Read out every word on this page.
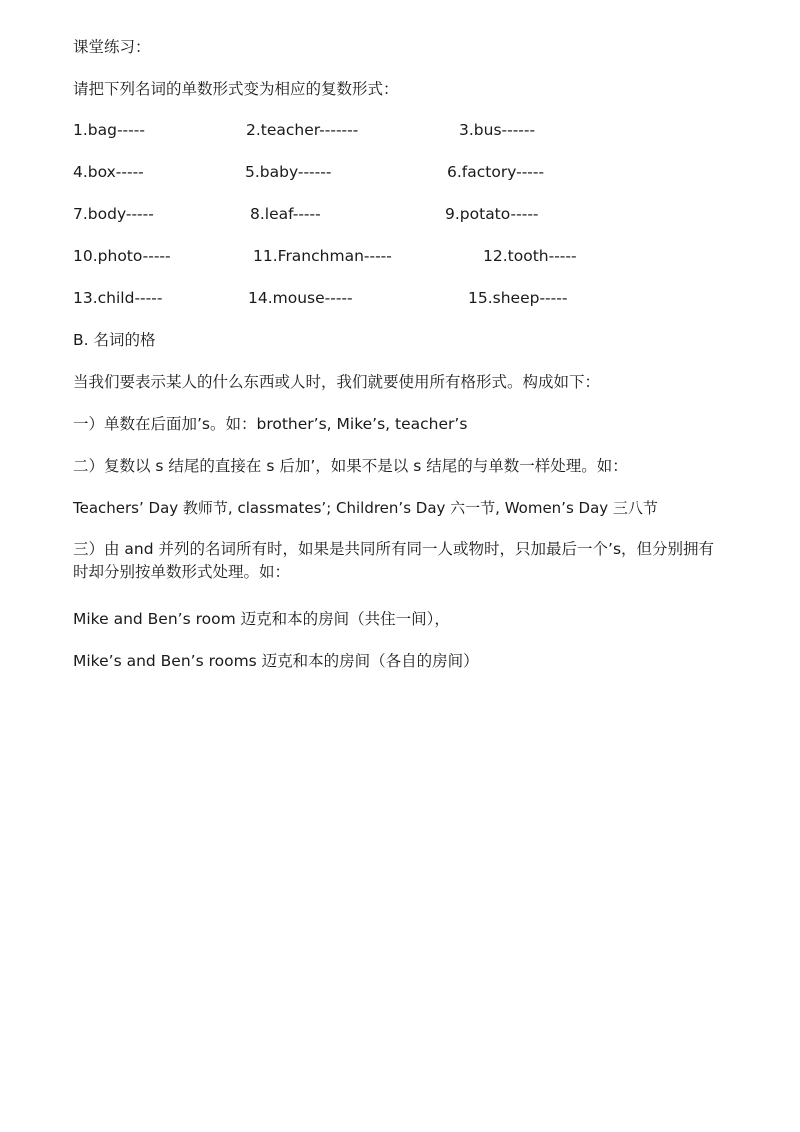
课堂练习：
请把下列名词的单数形式变为相应的复数形式：
1.bag-----	2.teacher-------	3.bus------
4.box-----	5.baby------	6.factory-----
7.body-----	8.leaf-----	9.potato-----
10.photo-----	11.Franchman-----	12.tooth-----
13.child-----	14.mouse-----	15.sheep-----
B. 名词的格
当我们要表示某人的什么东西或人时，我们就要使用所有格形式。构成如下：
一）单数在后面加’s。如：brother’s, Mike’s, teacher’s
二）复数以 s 结尾的直接在 s 后加’，如果不是以 s 结尾的与单数一样处理。如：
Teachers’ Day 教师节, classmates’; Children’s Day 六一节, Women’s Day 三八节
三）由 and 并列的名词所有时，如果是共同所有同一人或物时，只加最后一个’s，但分别拥有时却分别按单数形式处理。如：
Mike and Ben’s room 迈克和本的房间（共住一间），
Mike’s and Ben’s rooms 迈克和本的房间（各自的房间）
